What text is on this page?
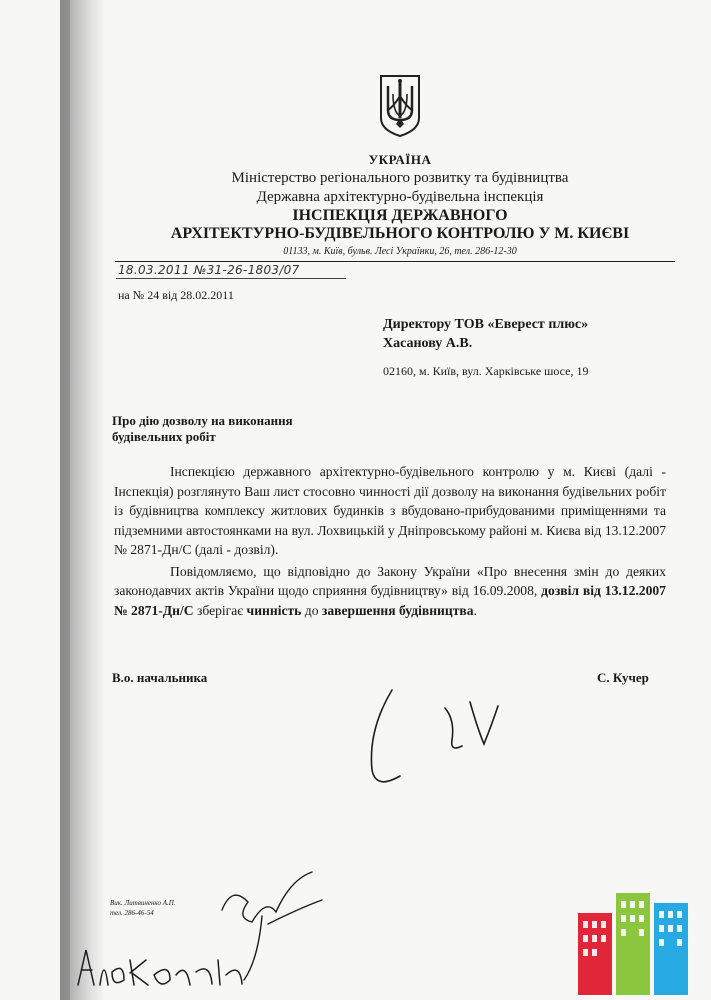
УКРАЇНА
Міністерство регіонального розвитку та будівництва
Державна архітектурно-будівельна інспекція
ІНСПЕКЦІЯ ДЕРЖАВНОГО
АРХІТЕКТУРНО-БУДІВЕЛЬНОГО КОНТРОЛЮ У М. КИЄВІ
01133, м. Київ, бульв. Лесі Українки, 26, тел. 286-12-30
18.03.2011 №31-26-1803/07
на № 24 від 28.02.2011
Директору ТОВ «Еверест плюс»
Хасанову А.В.
02160, м. Київ, вул. Харківське шосе, 19
Про дію дозволу на виконання
будівельних робіт

Інспекцією державного архітектурно-будівельного контролю у м. Києві (далі - Інспекція) розглянуто Ваш лист стосовно чинності дії дозволу на виконання будівельних робіт із будівництва комплексу житлових будинків з вбудовано-прибудованими приміщеннями та підземними автостоянками на вул. Лохвицькій у Дніпровському районі м. Києва від 13.12.2007 № 2871-Дн/С (далі - дозвіл).

Повідомляємо, що відповідно до Закону України «Про внесення змін до деяких законодавчих актів України щодо сприяння будівництву» від 16.09.2008, дозвіл від 13.12.2007 № 2871-Дн/С зберігає чинність до завершення будівництва.

В.о. начальника	С. Кучер
Вик. Литвиненко А.П.
тел. 286-46-54
